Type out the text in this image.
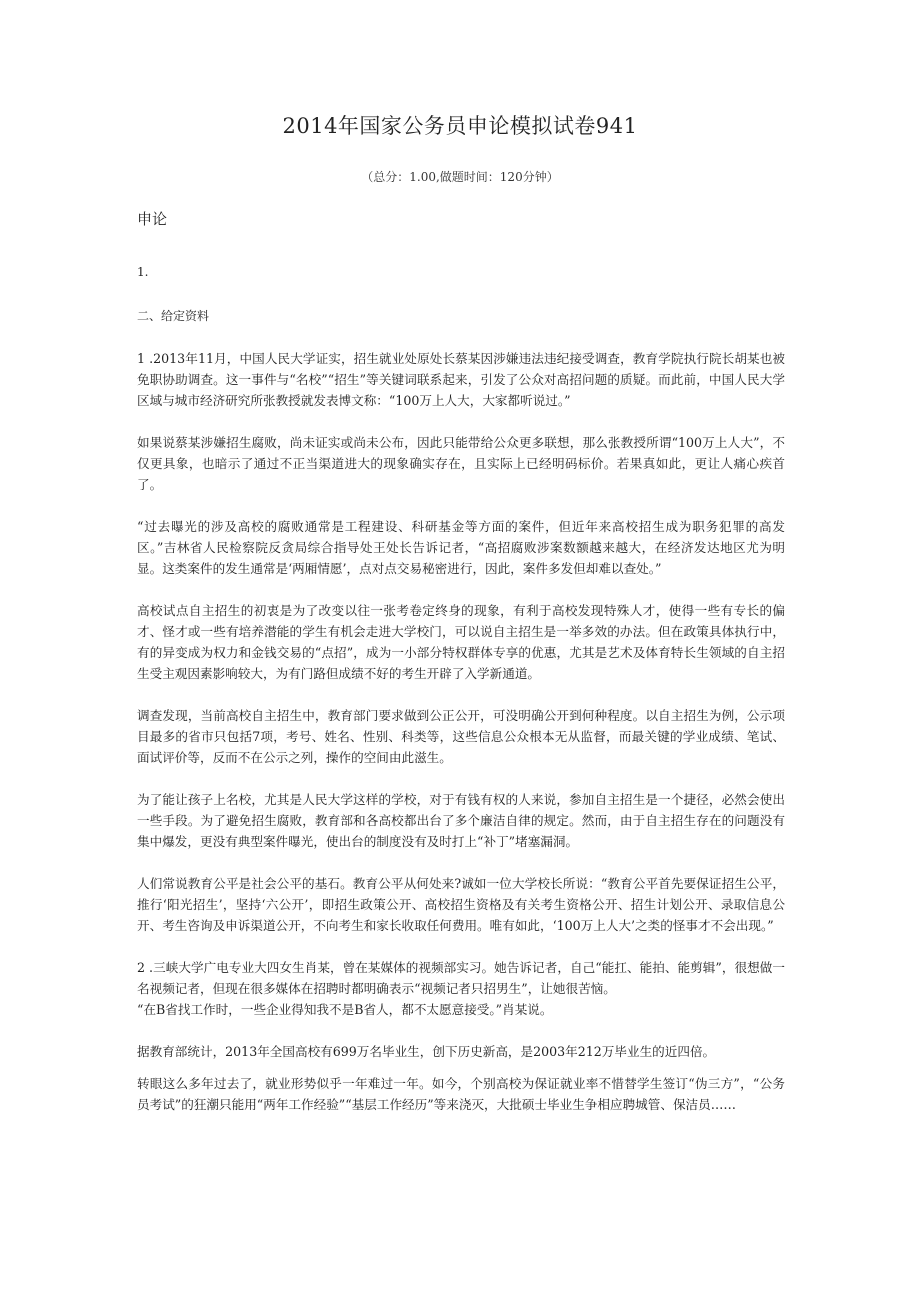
2014年国家公务员申论模拟试卷941
（总分：1.00,做题时间：120分钟）
申论
1.
二、给定资料

1 .2013年11月，中国人民大学证实，招生就业处原处长蔡某因涉嫌违法违纪接受调查，教育学院执行院长胡某也被免职协助调查。这一事件与“名校”“招生”等关键词联系起来，引发了公众对高招问题的质疑。而此前，中国人民大学区域与城市经济研究所张教授就发表博文称：“100万上人大，大家都听说过。”

如果说蔡某涉嫌招生腐败，尚未证实或尚未公布，因此只能带给公众更多联想，那么张教授所谓“100万上人大”，不仅更具象，也暗示了通过不正当渠道进大的现象确实存在，且实际上已经明码标价。若果真如此，更让人痛心疾首了。

“过去曝光的涉及高校的腐败通常是工程建设、科研基金等方面的案件，但近年来高校招生成为职务犯罪的高发区。”吉林省人民检察院反贪局综合指导处王处长告诉记者，“高招腐败涉案数额越来越大，在经济发达地区尤为明显。这类案件的发生通常是‘两厢情愿’，点对点交易秘密进行，因此，案件多发但却难以查处。”

高校试点自主招生的初衷是为了改变以往一张考卷定终身的现象，有利于高校发现特殊人才，使得一些有专长的偏才、怪才或一些有培养潜能的学生有机会走进大学校门，可以说自主招生是一举多效的办法。但在政策具体执行中，有的异变成为权力和金钱交易的“点招”，成为一小部分特权群体专享的优惠，尤其是艺术及体育特长生领域的自主招生受主观因素影响较大，为有门路但成绩不好的考生开辟了入学新通道。

调查发现，当前高校自主招生中，教育部门要求做到公正公开，可没明确公开到何种程度。以自主招生为例，公示项目最多的省市只包括7项，考号、姓名、性别、科类等，这些信息公众根本无从监督，而最关键的学业成绩、笔试、面试评价等，反而不在公示之列，操作的空间由此滋生。

为了能让孩子上名校，尤其是人民大学这样的学校，对于有钱有权的人来说，参加自主招生是一个捷径，必然会使出一些手段。为了避免招生腐败，教育部和各高校都出台了多个廉洁自律的规定。然而，由于自主招生存在的问题没有集中爆发，更没有典型案件曝光，使出台的制度没有及时打上“补丁”堵塞漏洞。

人们常说教育公平是社会公平的基石。教育公平从何处来?诚如一位大学校长所说：“教育公平首先要保证招生公平，推行‘阳光招生’，坚持‘六公开’，即招生政策公开、高校招生资格及有关考生资格公开、招生计划公开、录取信息公开、考生咨询及申诉渠道公开，不向考生和家长收取任何费用。唯有如此，‘100万上人大’之类的怪事才不会出现。”

2 .三峡大学广电专业大四女生肖某，曾在某媒体的视频部实习。她告诉记者，自己“能扛、能拍、能剪辑”，很想做一名视频记者，但现在很多媒体在招聘时都明确表示“视频记者只招男生”，让她很苦恼。

“在B省找工作时，一些企业得知我不是B省人，都不太愿意接受。”肖某说。

据教育部统计，2013年全国高校有699万名毕业生，创下历史新高，是2003年212万毕业生的近四倍。

转眼这么多年过去了，就业形势似乎一年难过一年。如今，个别高校为保证就业率不惜替学生签订“伪三方”，“公务员考试”的狂潮只能用“两年工作经验”“基层工作经历”等来浇灭，大批硕士毕业生争相应聘城管、保洁员……
